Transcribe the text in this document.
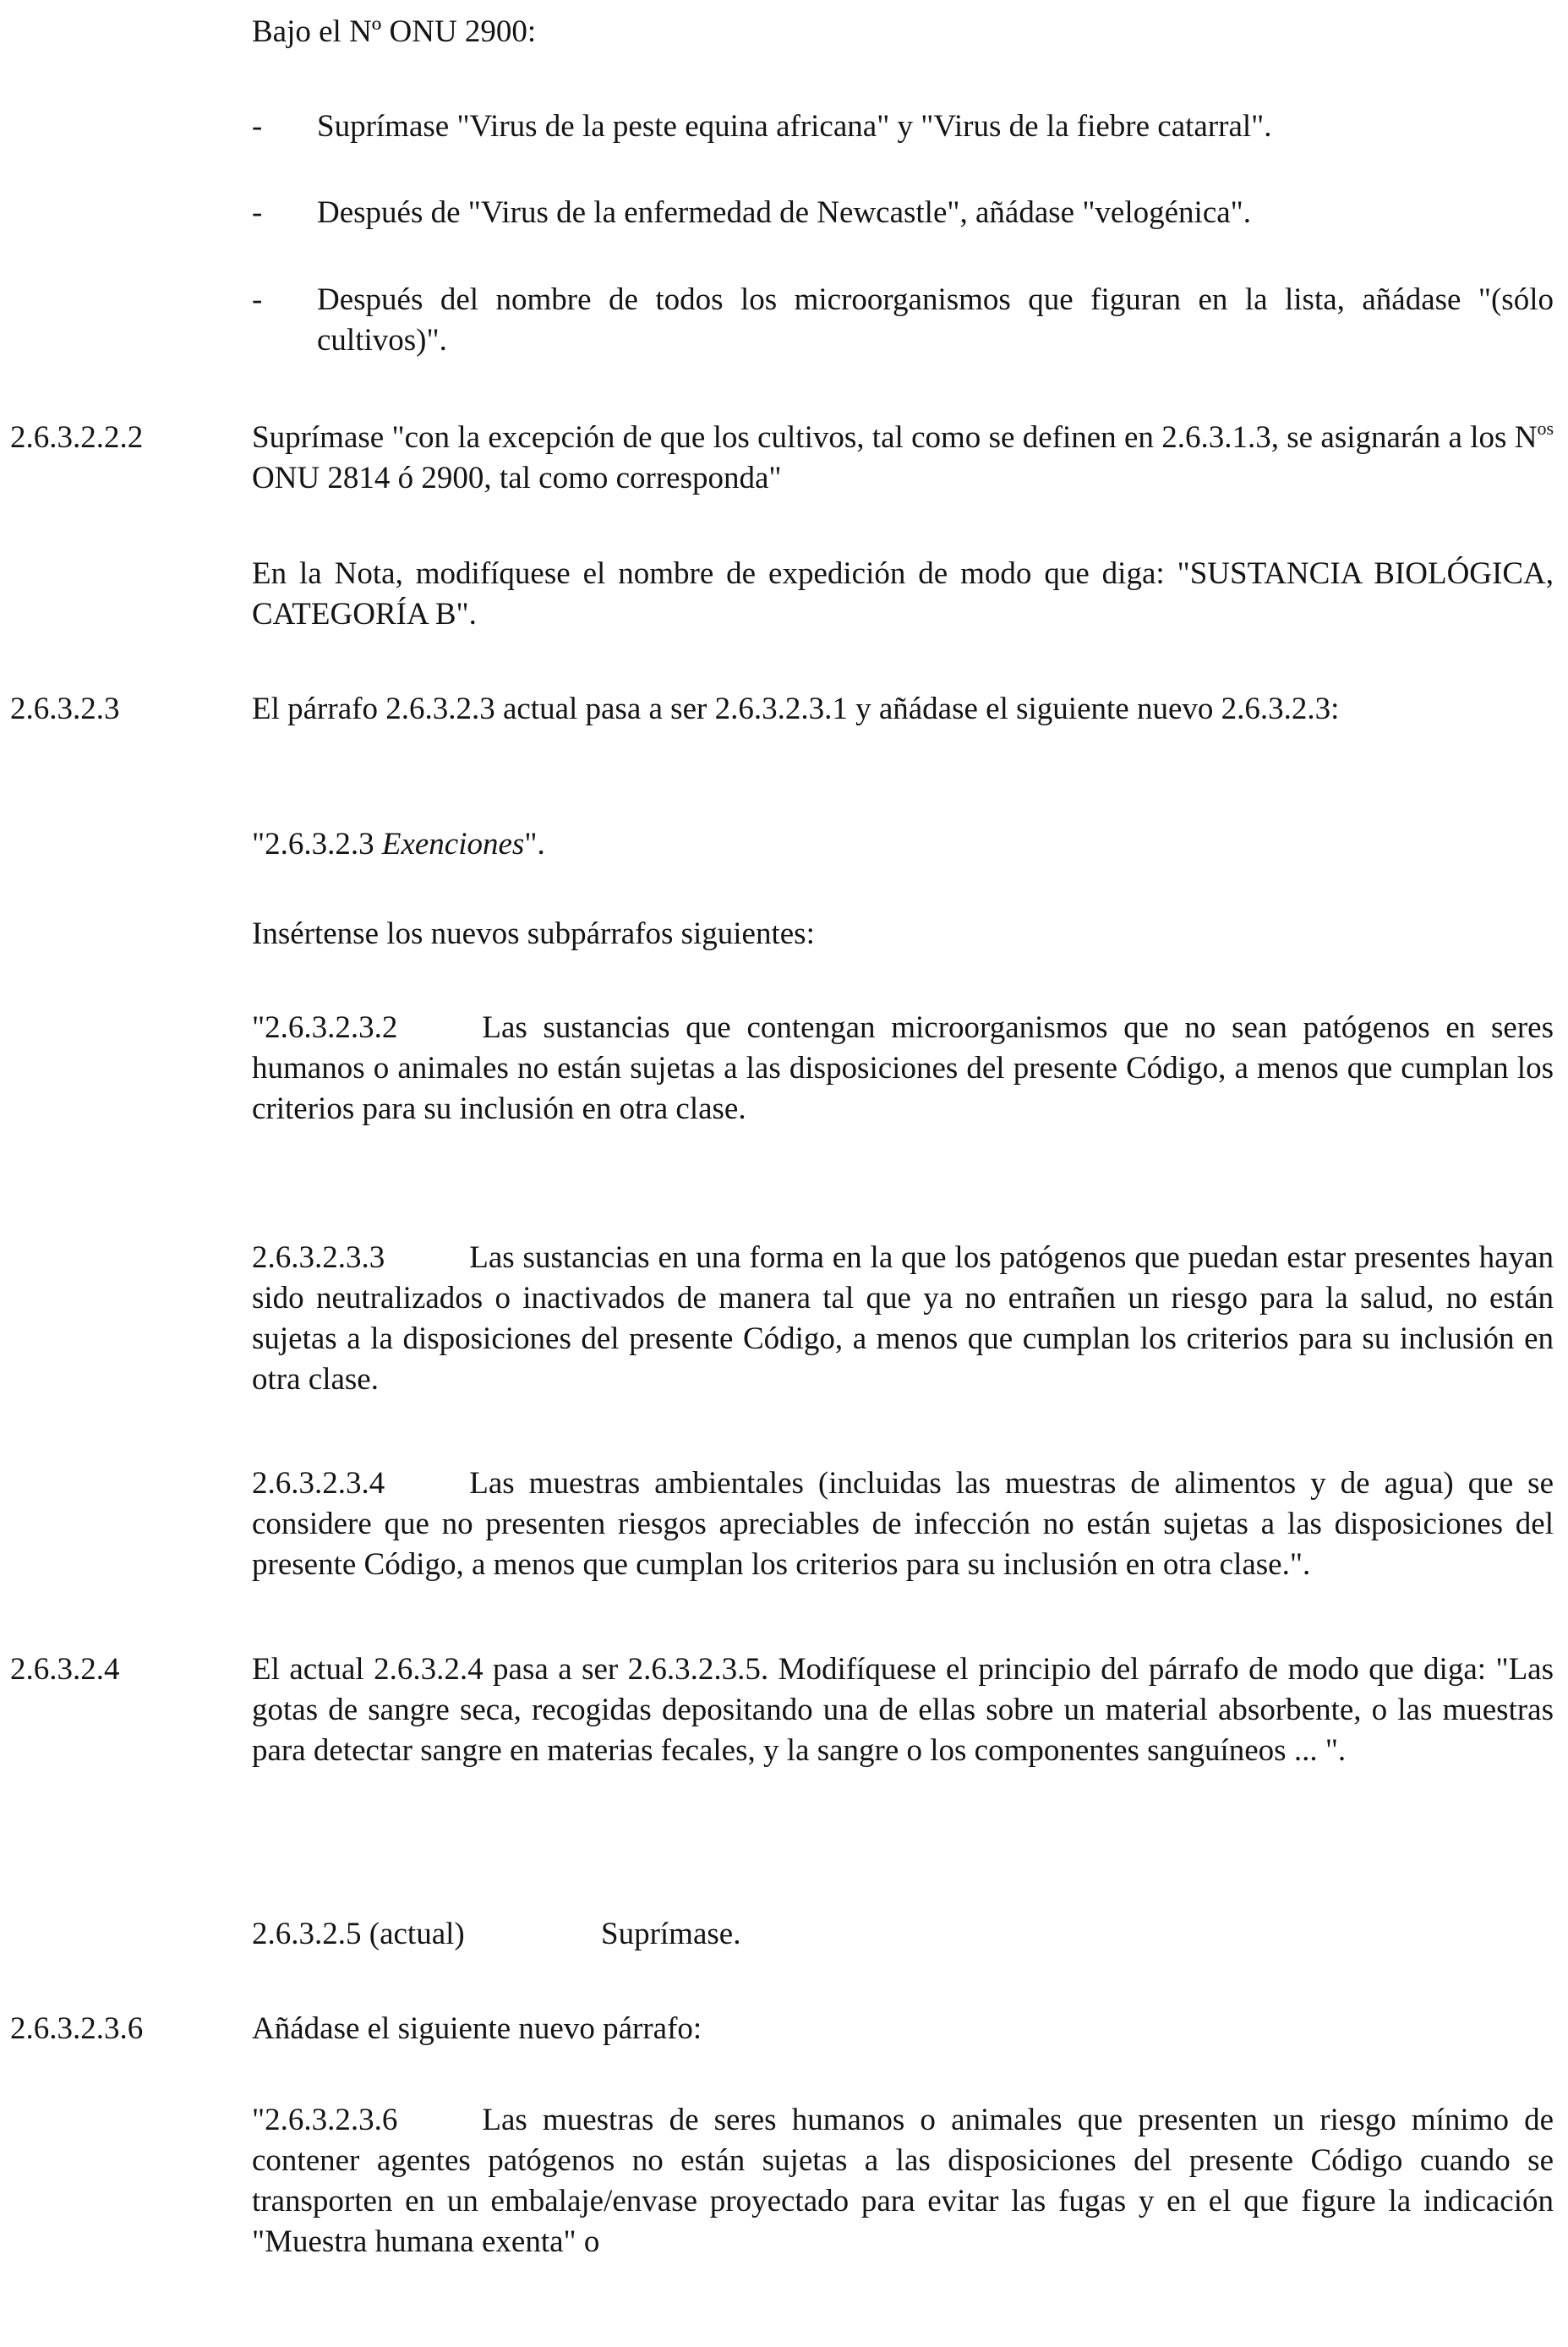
Bajo el Nº ONU 2900:

- Suprímase "Virus de la peste equina africana" y "Virus de la fiebre catarral".

- Después de "Virus de la enfermedad de Newcastle", añádase "velogénica".

- Después del nombre de todos los microorganismos que figuran en la lista, añádase "(sólo cultivos)".

2.6.3.2.2.2	Suprímase "con la excepción de que los cultivos, tal como se definen en 2.6.3.1.3, se asignarán a los $N^{os}$ ONU 2814 ó 2900, tal como corresponda"

En la Nota, modifíquese el nombre de expedición de modo que diga: "SUSTANCIA BIOLÓGICA, CATEGORÍA B".

2.6.3.2.3	El párrafo 2.6.3.2.3 actual pasa a ser 2.6.3.2.3.1 y añádase el siguiente nuevo 2.6.3.2.3:

"2.6.3.2.3 Exenciones".

Insértense los nuevos subpárrafos siguientes:

"2.6.3.2.3.2	Las sustancias que contengan microorganismos que no sean patógenos en seres humanos o animales no están sujetas a las disposiciones del presente Código, a menos que cumplan los criterios para su inclusión en otra clase.

2.6.3.2.3.3	Las sustancias en una forma en la que los patógenos que puedan estar presentes hayan sido neutralizados o inactivados de manera tal que ya no entrañen un riesgo para la salud, no están sujetas a la disposiciones del presente Código, a menos que cumplan los criterios para su inclusión en otra clase.

2.6.3.2.3.4	Las muestras ambientales (incluidas las muestras de alimentos y de agua) que se considere que no presenten riesgos apreciables de infección no están sujetas a las disposiciones del presente Código, a menos que cumplan los criterios para su inclusión en otra clase.".

2.6.3.2.4	El actual 2.6.3.2.4 pasa a ser 2.6.3.2.3.5. Modifíquese el principio del párrafo de modo que diga: "Las gotas de sangre seca, recogidas depositando una de ellas sobre un material absorbente, o las muestras para detectar sangre en materias fecales, y la sangre o los componentes sanguíneos ... ".

2.6.3.2.5 (actual)	Suprímase.

2.6.3.2.3.6	Añádase el siguiente nuevo párrafo:

"2.6.3.2.3.6	Las muestras de seres humanos o animales que presenten un riesgo mínimo de contener agentes patógenos no están sujetas a las disposiciones del presente Código cuando se transporten en un embalaje/envase proyectado para evitar las fugas y en el que figure la indicación "Muestra humana exenta" o
